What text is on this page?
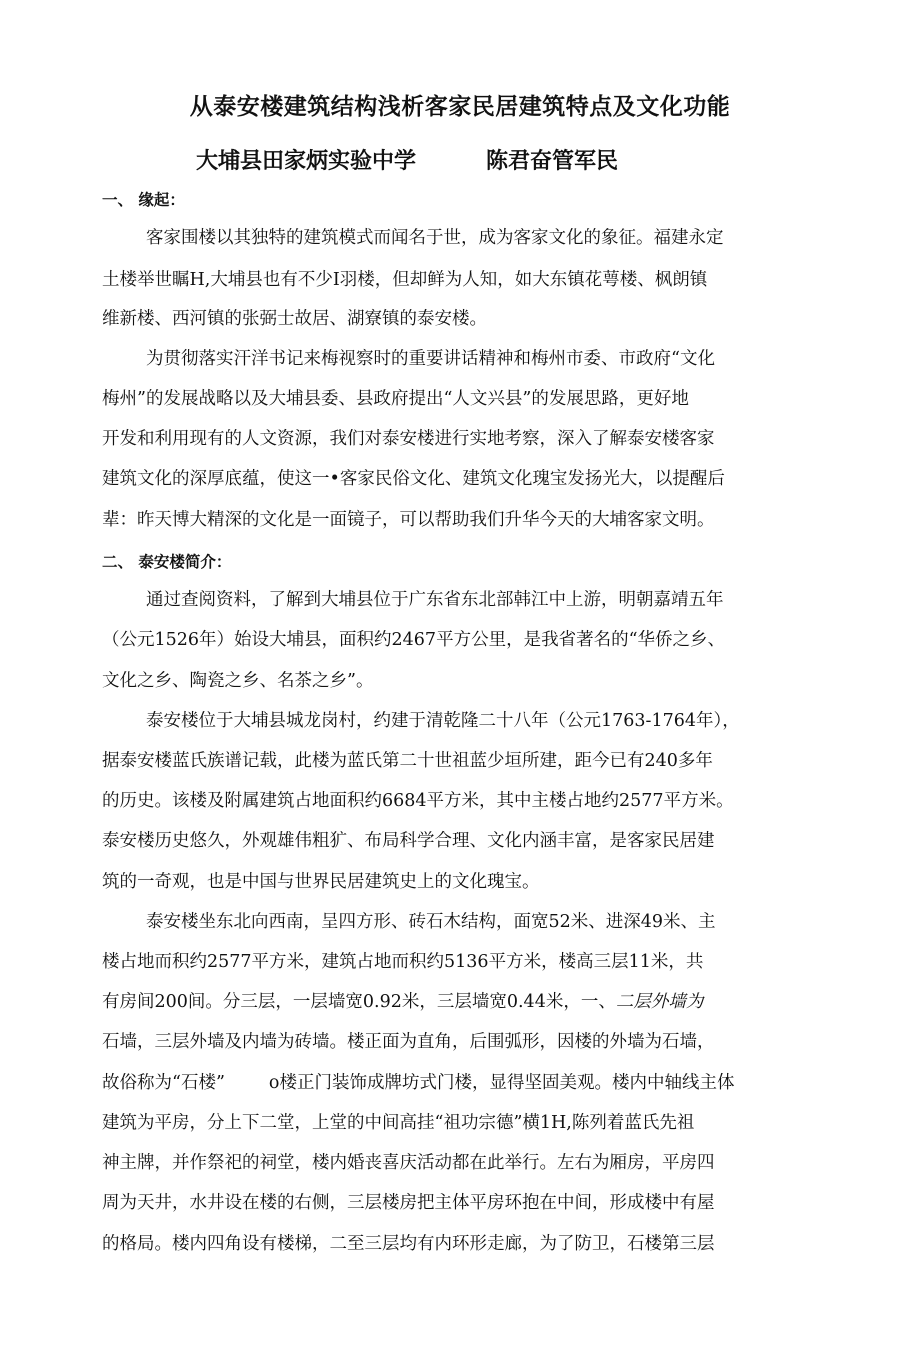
从泰安楼建筑结构浅析客家民居建筑特点及文化功能
大埔县田家炳实验中学	陈君奋管军民
一、 缘起：
客家围楼以其独特的建筑模式而闻名于世，成为客家文化的象征。福建永定
土楼举世瞩H,大埔县也有不少I羽楼，但却鲜为人知，如大东镇花萼楼、枫朗镇
维新楼、西河镇的张弼士故居、湖寮镇的泰安楼。
为贯彻落实汗洋书记来梅视察时的重要讲话精神和梅州市委、市政府“文化
梅州”的发展战略以及大埔县委、县政府提出“人文兴县”的发展思路，更好地
开发和利用现有的人文资源，我们对泰安楼进行实地考察，深入了解泰安楼客家
建筑文化的深厚底蕴，使这一•客家民俗文化、建筑文化瑰宝发扬光大，以提醒后
辈：昨天博大精深的文化是一面镜子，可以帮助我们升华今天的大埔客家文明。
二、 泰安楼简介：
通过查阅资料，了解到大埔县位于广东省东北部韩江中上游，明朝嘉靖五年
（公元1526年）始设大埔县，面积约2467平方公里，是我省著名的“华侨之乡、
文化之乡、陶瓷之乡、名茶之乡”。
泰安楼位于大埔县城龙岗村，约建于清乾隆二十八年（公元1763-1764年），
据泰安楼蓝氏族谱记载，此楼为蓝氏第二十世祖蓝少垣所建，距今已有240多年
的历史。该楼及附属建筑占地面积约6684平方米，其中主楼占地约2577平方米。
泰安楼历史悠久，外观雄伟粗犷、布局科学合理、文化内涵丰富，是客家民居建
筑的一奇观，也是中国与世界民居建筑史上的文化瑰宝。
泰安楼坐东北向西南，呈四方形、砖石木结构，面宽52米、进深49米、主
楼占地而积约2577平方米，建筑占地而积约5136平方米，楼高三层11米，共
有房间200间。分三层，一层墙宽0.92米，三层墙宽0.44米，一、二层外墙为
石墙，三层外墙及内墙为砖墙。楼正面为直角，后围弧形，因楼的外墙为石墙，
故俗称为“石楼”	o楼正门装饰成牌坊式门楼，显得坚固美观。楼内中轴线主体
建筑为平房，分上下二堂，上堂的中间高挂“祖功宗德”横1H,陈列着蓝氏先祖
神主牌，并作祭祀的祠堂，楼内婚丧喜庆活动都在此举行。左右为厢房，平房四
周为天井，水井设在楼的右侧，三层楼房把主体平房环抱在中间，形成楼中有屋
的格局。楼内四角设有楼梯，二至三层均有内环形走廊，为了防卫，石楼第三层
